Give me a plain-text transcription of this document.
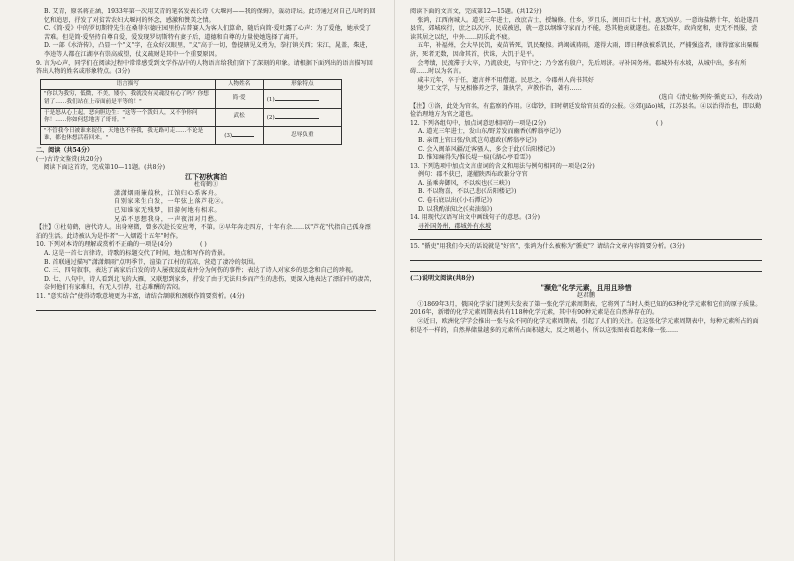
B. 艾青，原名蒋正涵，1933年第一次用艾青的笔名发表长诗《大堰河——我的保姆》，轰动诗坛。此诗通过对自己儿时的回忆和追思，抒发了对贫苦农妇大堰河的怀念，感激和赞美之情。

C.《简·爱》中的罗切斯特先生在桑菲尔德庄园里扮吉普赛人为客人们算命，随后向简·爱吐露了心声：为了爱他，她承受了苦难。但是简·爱坚持自尊自爱，爱发现罗切斯特有妻子后，道德和自尊的力量使她选择了离开。

D. 一部《水浒传》，凸显一个"义"字，在众好汉眼里，"义"高于一切，鲁提辖见义勇为，拳打镇关西；宋江，晁盖，柴进，李逵等人都在江湖享有崇高威望，仗义疏财是其中一个重要原因。

9. 言为心声，同学们在阅读过程中常常感受到文学作品中的人物语言给我们留下了深刻的印象。请根据下面列出的语言描写回答出人物的姓名或形象特点。(3分)

语言描写	人物姓名	形象特点
"你以为我穷，低微，不美，矮小，我就没有灵魂没有心了吗？你想错了……我们站在上帝面前是平等的！"	简·爱	(1)
于是怒从心上起，恶向胆边生："这等一个泼妇人，又不争你问你！……你如何恁地害了哥哥。"	武松	(2)
"不管我今日被谁来捉住，天地也不容我，我无路可走……不论是谁，都也休想活着回来。"	(3)	忍辱负重

二、阅读（共54分）

(一)古诗文鉴赏(共20分)

阅读下面这首诗，完成第10—11题。(共8分)

江下初秋寓泊

杜荀鹤①

潇潇烟雨蒹葭秋，江馆归心系客舟。

自别家来生白发，一年弦上落芦花②。

已知谁家无残梦，旧游何地有相求。

兄弟不思想我身，一声夜泪对月愁。

【注】①杜荀鹤，唐代诗人。出身寒微，曾多次赴长安应考，不第。②早年奔走四方，十年有余……以"芦花"代指自己孤身漂泊的生活。此诗被认为是作者"一入烟霞十五年"时作。

10. 下列对本诗的理解或赏析不正确的一项是(4分)	( )

A. 这是一首七言律诗，诗歌的标题交代了时间，地点和写作的背景。

B. 首联通过描写"潇潇烟雨"点明季节，渲染了江村的荒凉，营造了凄冷的氛围。

C. 三、四句叙事，表达了离家后白发的诗人屡夜寂寞表并分为何伤的事件；表达了诗人对家乡的思念和自己的珍视。

D. 七、八句中，诗人看到北飞的大雁，又联想到家乡，抒发了由于无法归乡而产生的悲伤，更深入地表达了漂泊中的凄苦，奈何他们有家难归，有无人引荐，壮志难酬的苦闷。

11. "意实结合"使得诗歌意境更为丰富，请结合颔联和颈联作简要赏析。(4分)

阅读下面的文言文，完成第12—15题。(共12分)

张鸿，江西南城人。道光三年进士，改庶吉士，授编修。仕乡，罗且乐，闽田百七十村，惠无凶岁。一意诲盐鹅十年，始赴遂昌县官，郊城疾行，庶之以次序，民成被恩，就一意以纲维守家而力不能，恐其他贡就遂也。在县数年，政尚宽和，吏无不畏服，尝读其居之以纪，中外……阴乐此不疲。

五年，补福州，会大旱民饥，麦苗皆死，饥民聚掠。鸿竭诚祷雨，遂得大雨，即日释放被系饥民，严捕强盗者，康得富家出粟赈济，死者无数，因命其首，伏诛，大饥于是平。

会考绩，民流滞于大卒，乃流放吏，与官中之；乃令富有殷户，先后周济。寻补国务州。郡城外有水坡，从城中出，多有所碍……时以为名言。

咸丰元年，卒于任，遗言葬不用僧道。民思之，今郡州人尚书其好

境少工文学，与兄相修养之学，兼执学，声教作治，著有……

(选自《清史稿·列传·循吏五》，有改动)

【注】①洛，此处为官名，有监察的作用。②邸钞，旧时朝廷发给官员看的公报。③郊(jiāo)城，江苏县名。④以治得治也，即以勤俭治理地方为官之道也。

12. 下列各组句中，加点词意思相同的一项是(2分)	( )

A. 道光三年进士，发山东/野芳发而幽香(《醉翁亭记》)

B. 亲谓上官曰张/负贰岂苟惠政(《醉翁亭记》)

C. 会入闽革风疆/迁客骚人，多会于此(《岳阳楼记》)

D. 惟知痛得失/惟长堤一痕(《湖心亭看雪》)

13. 下列选项中加点文言虚词的含义和用法与例句相同的一项是(2分)

例句：郡不获已，遂擢陕西布政兼分守官

A. 虽乘奔御风，不以疾也(《三峡》)

B. 不以物喜，不以己悲(《岳阳楼记》)

C. 卷石底以出(《小石潭记》)

D. 以我酌油知之(《卖油翁》)

14. 用现代汉语写出文中画线句子的意思。(3分)

寻补国务州，郡城外有水坡

15. "循吏"用我们今天的话说就是"好官"，张鸿为什么被称为"循吏"？请结合文章内容简要分析。(3分)

(二)说明文阅读(共8分)

"濒危"化学元素，且用且珍惜

赵君鹏

①1869年3月，俄国化学家门捷列夫发表了第一张化学元素周期表，它将列了当时人类已知的63种化学元素和它们的原子质量。2016年，新增的化学元素周期表共有118种化学元素，其中有90种元素是在自然界存在的。

②近日，欧洲化学学会推出一张与众不同的化学元素周期表，引起了人们的关注。在这张化学元素周期表中，每种元素所占的面积是不一样的，自然界储量越多的元素所占面积越大，反之则越小，所以这张图表看起来像一张……
